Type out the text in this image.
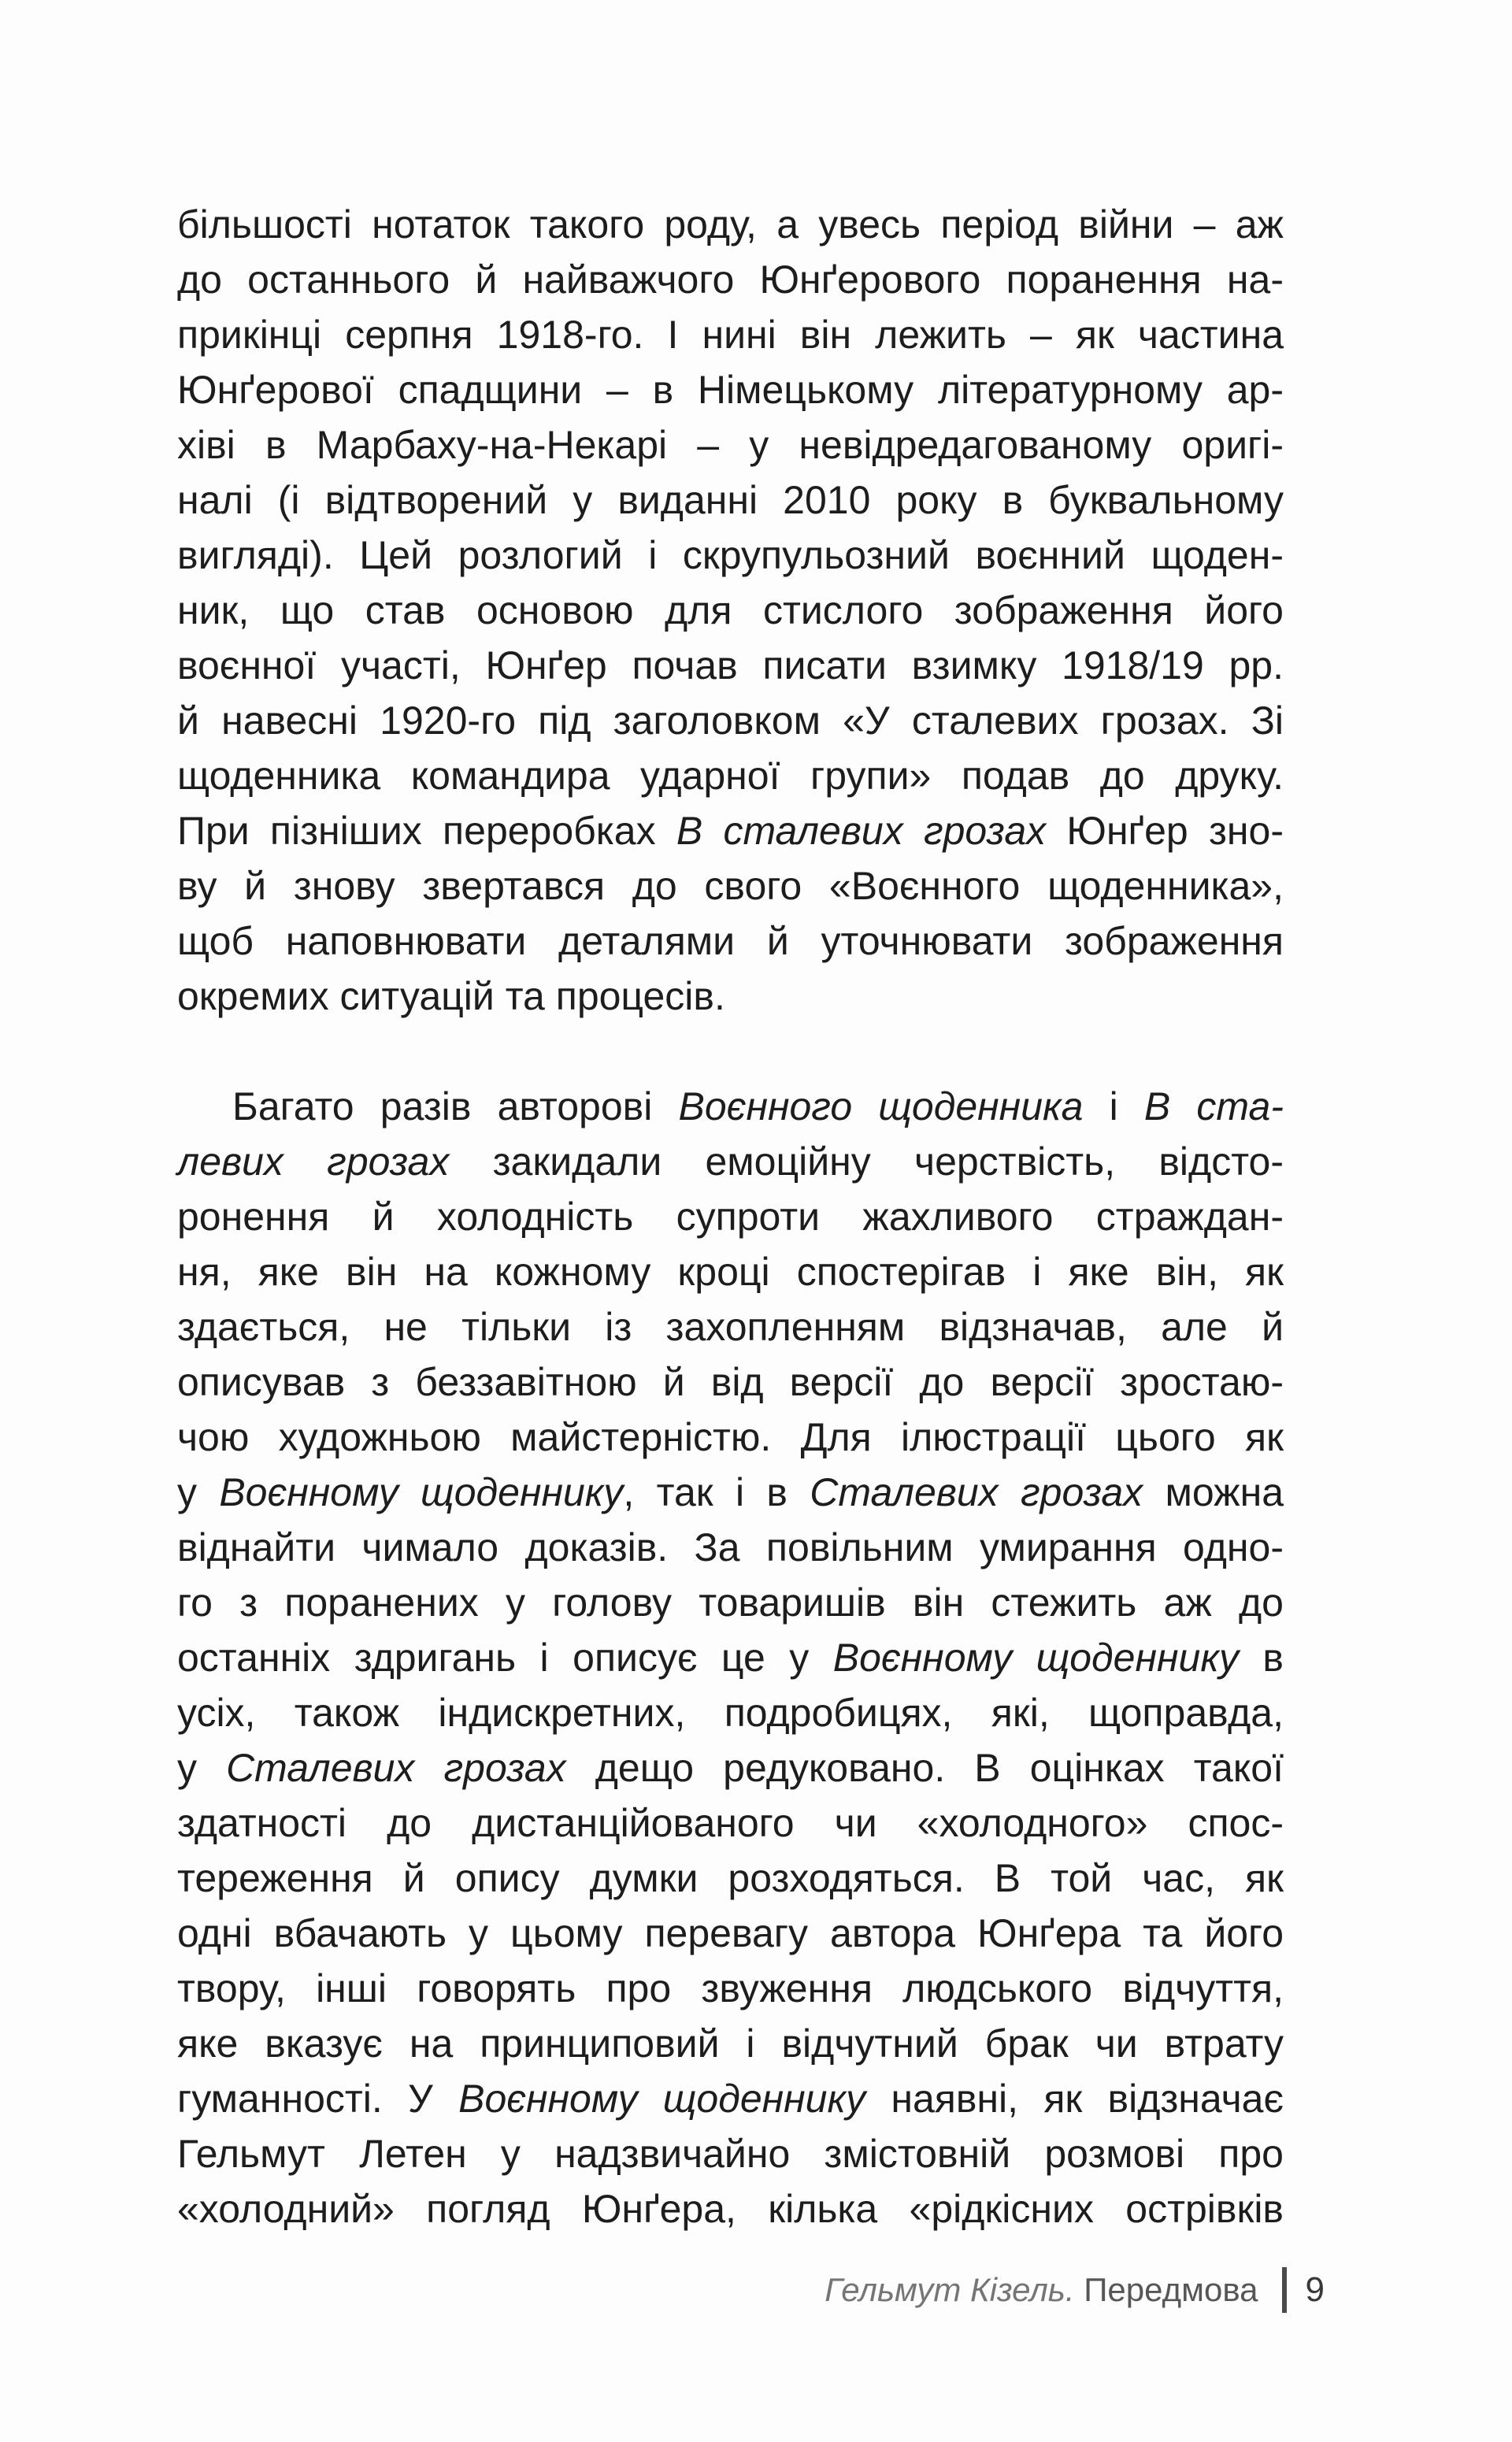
більшості нотаток такого роду, а увесь період війни – аж
до останнього й найважчого Юнґерового поранення на-
прикінці серпня 1918-го. І нині він лежить – як частина
Юнґерової спадщини – в Німецькому літературному ар-
хіві в Марбаху-на-Некарі – у невідредагованому оригі-
налі (і відтворений у виданні 2010 року в буквальному
вигляді). Цей розлогий і скрупульозний воєнний щоден-
ник, що став основою для стислого зображення його
воєнної участі, Юнґер почав писати взимку 1918/19 рр.
й навесні 1920-го під заголовком «У сталевих грозах. Зі
щоденника командира ударної групи» подав до друку.
При пізніших переробках В сталевих грозах Юнґер зно-
ву й знову звертався до свого «Воєнного щоденника»,
щоб наповнювати деталями й уточнювати зображення
окремих ситуацій та процесів.
Багато разів авторові Воєнного щоденника і В ста-
левих грозах закидали емоційну черствість, відсто-
ронення й холодність супроти жахливого страждан-
ня, яке він на кожному кроці спостерігав і яке він, як
здається, не тільки із захопленням відзначав, але й
описував з беззавітною й від версії до версії зростаю-
чою художньою майстерністю. Для ілюстрації цього як
у Воєнному щоденнику, так і в Сталевих грозах можна
віднайти чимало доказів. За повільним умирання одно-
го з поранених у голову товаришів він стежить аж до
останніх здригань і описує це у Воєнному щоденнику в
усіх, також індискретних, подробицях, які, щоправда,
у Сталевих грозах дещо редуковано. В оцінках такої
здатності до дистанційованого чи «холодного» спос-
тереження й опису думки розходяться. В той час, як
одні вбачають у цьому перевагу автора Юнґера та його
твору, інші говорять про звуження людського відчуття,
яке вказує на принциповий і відчутний брак чи втрату
гуманності. У Воєнному щоденнику наявні, як відзначає
Гельмут Летен у надзвичайно змістовній розмові про
«холодний» погляд Юнґера, кілька «рідкісних острівків
Гельмут Кізель. Передмова 9
